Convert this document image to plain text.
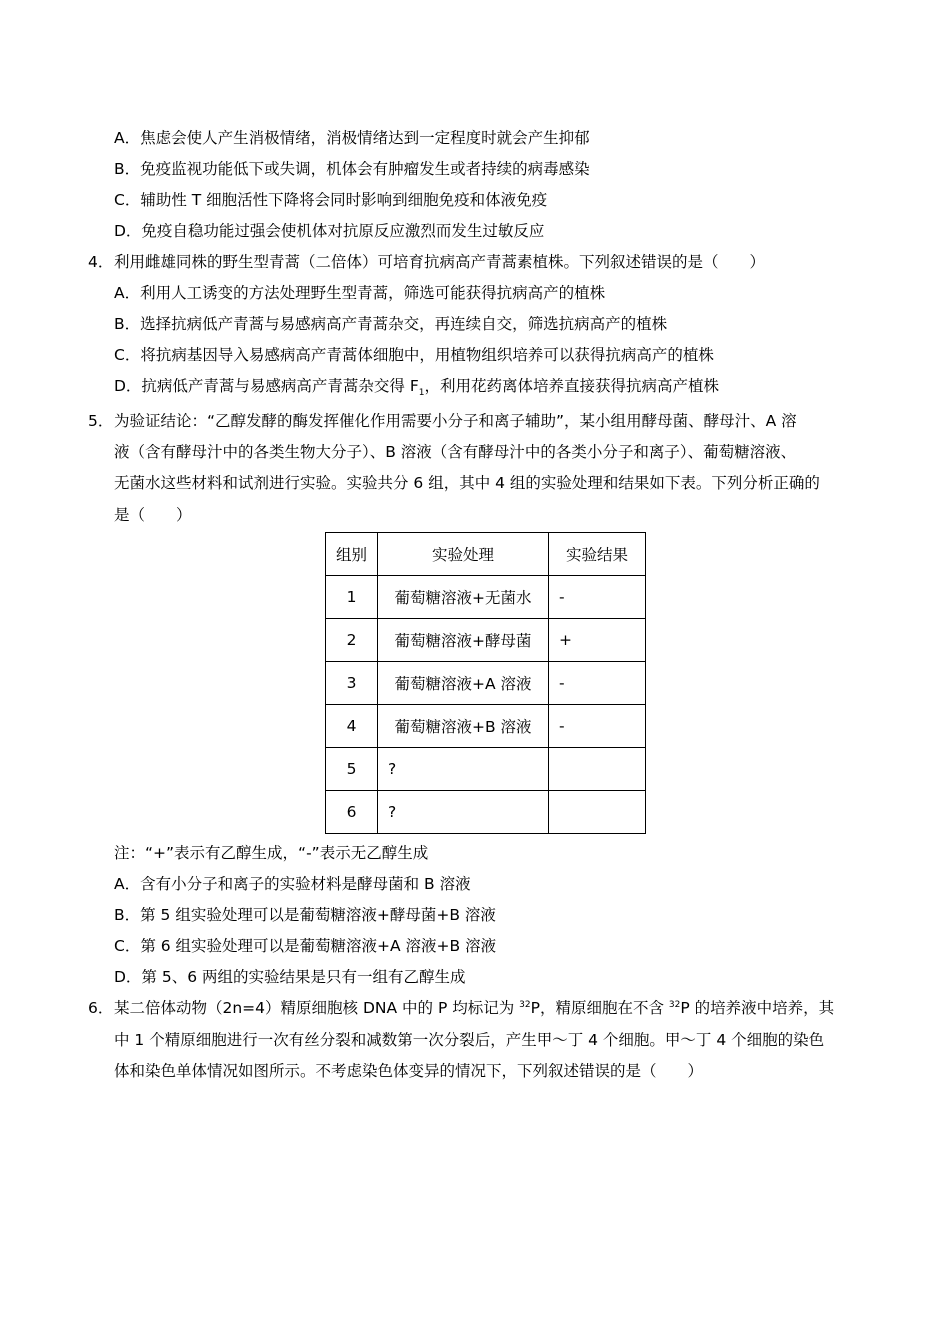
A．焦虑会使人产生消极情绪，消极情绪达到一定程度时就会产生抑郁
B．免疫监视功能低下或失调，机体会有肿瘤发生或者持续的病毒感染
C．辅助性 T 细胞活性下降将会同时影响到细胞免疫和体液免疫
D．免疫自稳功能过强会使机体对抗原反应激烈而发生过敏反应
4． 利用雌雄同株的野生型青蒿（二倍体）可培育抗病高产青蒿素植株。下列叙述错误的是（　　）
A．利用人工诱变的方法处理野生型青蒿，筛选可能获得抗病高产的植株
B．选择抗病低产青蒿与易感病高产青蒿杂交，再连续自交，筛选抗病高产的植株
C．将抗病基因导入易感病高产青蒿体细胞中，用植物组织培养可以获得抗病高产的植株
D．抗病低产青蒿与易感病高产青蒿杂交得 $F_1$，利用花药离体培养直接获得抗病高产植株
5． 为验证结论：“乙醇发酵的酶发挥催化作用需要小分子和离子辅助”，某小组用酵母菌、酵母汁、A 溶
液（含有酵母汁中的各类生物大分子）、B 溶液（含有酵母汁中的各类小分子和离子）、葡萄糖溶液、
无菌水这些材料和试剂进行实验。实验共分 6 组，其中 4 组的实验处理和结果如下表。下列分析正确的
是（　　）
组别	实验处理	实验结果
1	葡萄糖溶液+无菌水	-
2	葡萄糖溶液+酵母菌	+
3	葡萄糖溶液+A 溶液	-
4	葡萄糖溶液+B 溶液	-
5	?	
6	?	
注：“+”表示有乙醇生成，“-”表示无乙醇生成
A．含有小分子和离子的实验材料是酵母菌和 B 溶液
B．第 5 组实验处理可以是葡萄糖溶液+酵母菌+B 溶液
C．第 6 组实验处理可以是葡萄糖溶液+A 溶液+B 溶液
D．第 5、6 两组的实验结果是只有一组有乙醇生成
6． 某二倍体动物（2n=4）精原细胞核 DNA 中的 P 均标记为 $^{32}$P，精原细胞在不含 $^{32}$P 的培养液中培养，其
中 1 个精原细胞进行一次有丝分裂和减数第一次分裂后，产生甲～丁 4 个细胞。甲～丁 4 个细胞的染色
体和染色单体情况如图所示。不考虑染色体变异的情况下，下列叙述错误的是（　　）
